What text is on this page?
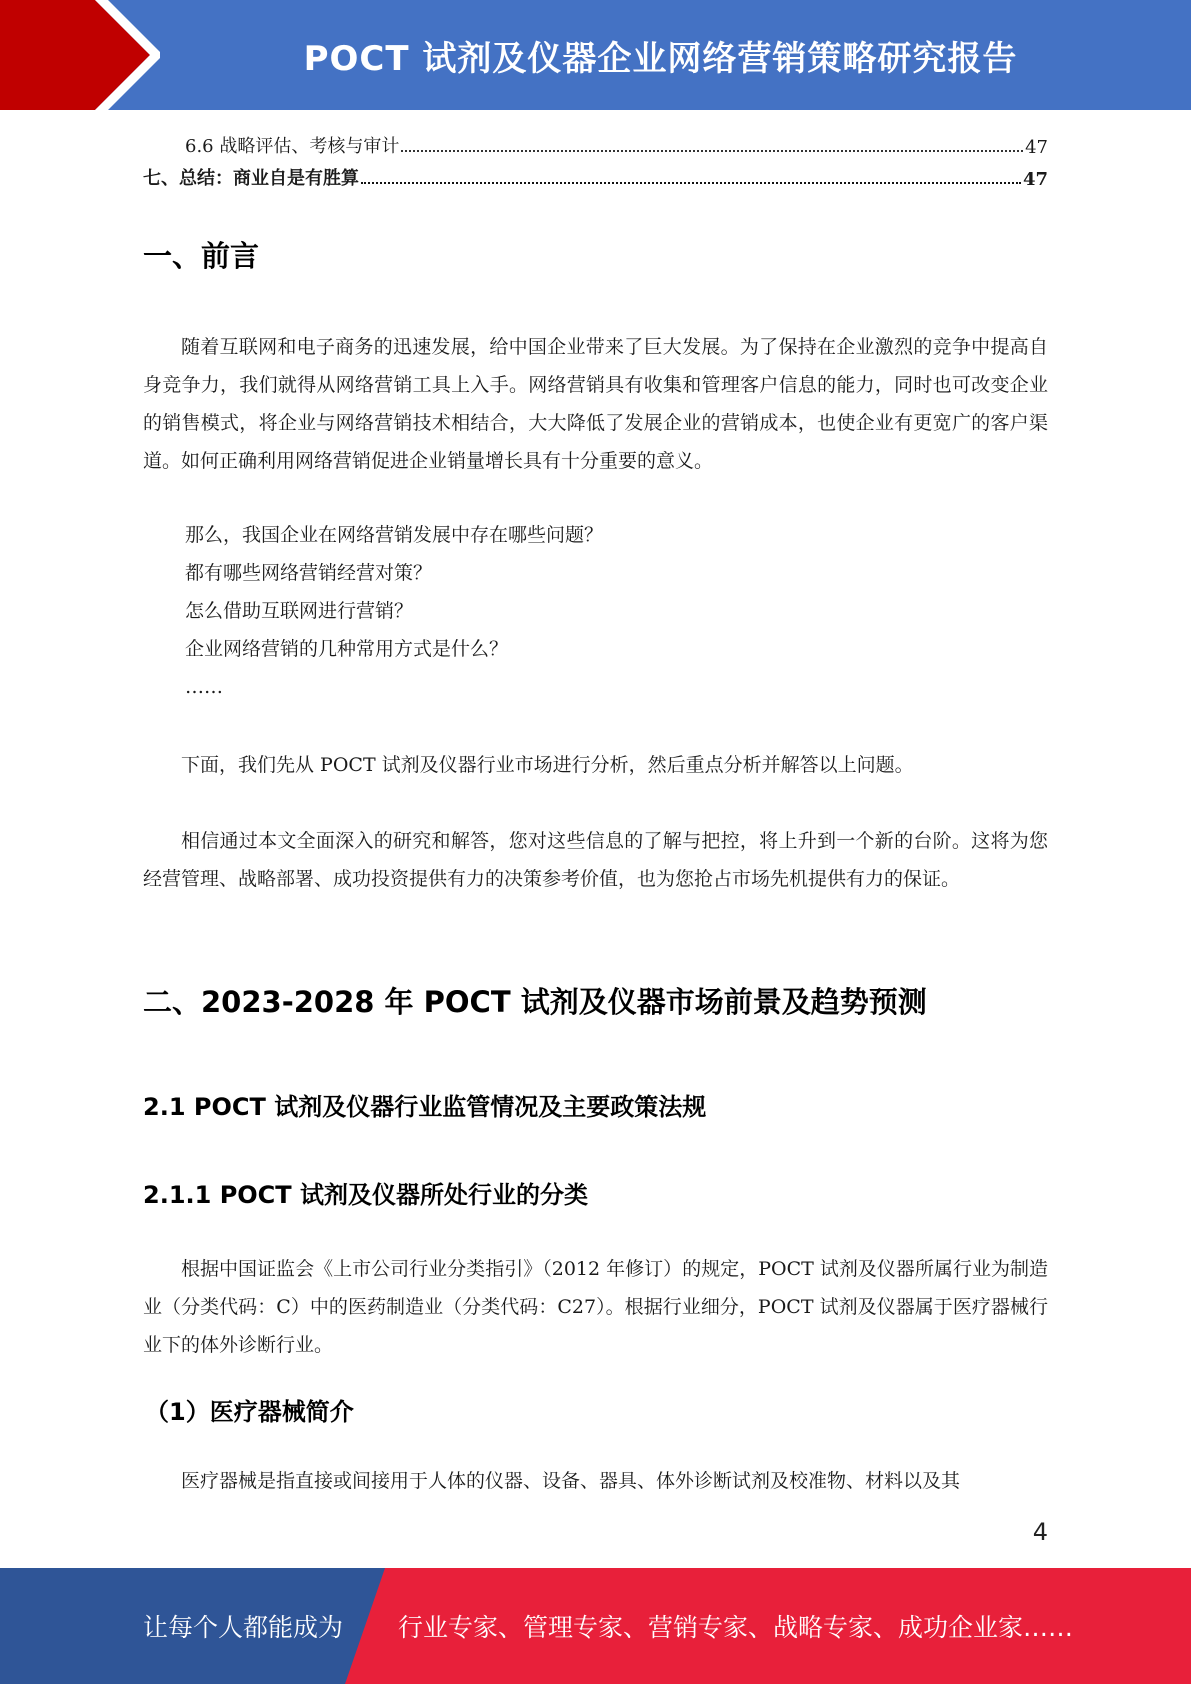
POCT 试剂及仪器企业网络营销策略研究报告
6.6 战略评估、考核与审计	47
七、总结：商业自是有胜算	47
一、前言

随着互联网和电子商务的迅速发展，给中国企业带来了巨大发展。为了保持在企业激烈的竞争中提高自身竞争力，我们就得从网络营销工具上入手。网络营销具有收集和管理客户信息的能力，同时也可改变企业的销售模式，将企业与网络营销技术相结合，大大降低了发展企业的营销成本，也使企业有更宽广的客户渠道。如何正确利用网络营销促进企业销量增长具有十分重要的意义。

那么，我国企业在网络营销发展中存在哪些问题？
都有哪些网络营销经营对策？
怎么借助互联网进行营销？
企业网络营销的几种常用方式是什么？
……

下面，我们先从 POCT 试剂及仪器行业市场进行分析，然后重点分析并解答以上问题。

相信通过本文全面深入的研究和解答，您对这些信息的了解与把控，将上升到一个新的台阶。这将为您经营管理、战略部署、成功投资提供有力的决策参考价值，也为您抢占市场先机提供有力的保证。

二、2023-2028 年 POCT 试剂及仪器市场前景及趋势预测
2.1 POCT 试剂及仪器行业监管情况及主要政策法规
2.1.1 POCT 试剂及仪器所处行业的分类

根据中国证监会《上市公司行业分类指引》（2012 年修订）的规定，POCT 试剂及仪器所属行业为制造业（分类代码：C）中的医药制造业（分类代码：C27）。根据行业细分，POCT 试剂及仪器属于医疗器械行业下的体外诊断行业。

（1）医疗器械简介

医疗器械是指直接或间接用于人体的仪器、设备、器具、体外诊断试剂及校准物、材料以及其

4
让每个人都能成为 行业专家、管理专家、营销专家、战略专家、成功企业家……
